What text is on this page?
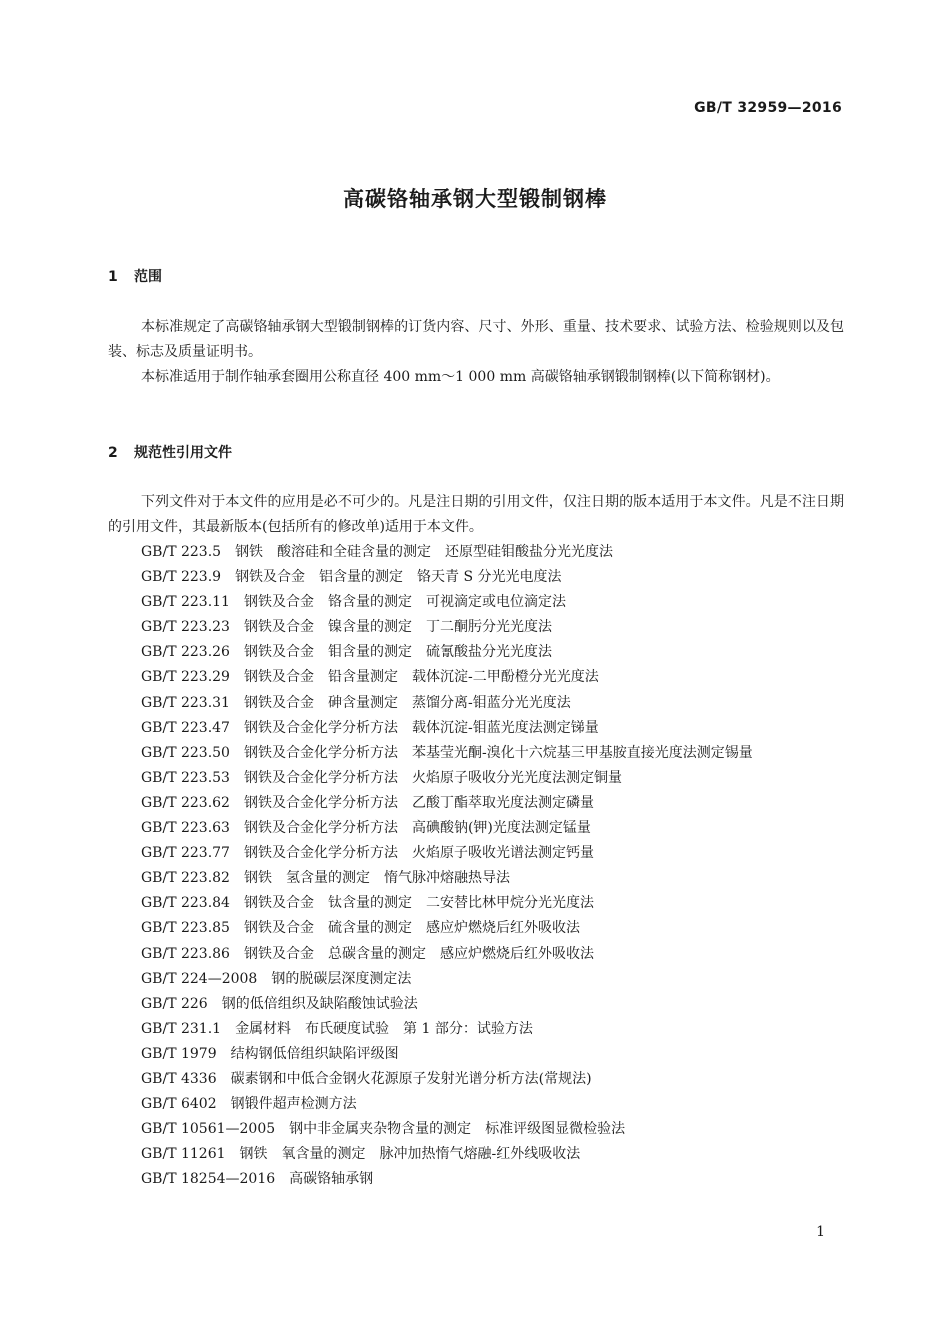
GB/T 32959—2016
高碳铬轴承钢大型锻制钢棒
1 范围

本标准规定了高碳铬轴承钢大型锻制钢棒的订货内容、尺寸、外形、重量、技术要求、试验方法、检验规则以及包装、标志及质量证明书。

本标准适用于制作轴承套圈用公称直径 400 mm～1 000 mm 高碳铬轴承钢锻制钢棒(以下简称钢材)。

2 规范性引用文件

下列文件对于本文件的应用是必不可少的。凡是注日期的引用文件，仅注日期的版本适用于本文件。凡是不注日期的引用文件，其最新版本(包括所有的修改单)适用于本文件。

GB/T 223.5 钢铁　酸溶硅和全硅含量的测定　还原型硅钼酸盐分光光度法
GB/T 223.9 钢铁及合金　铝含量的测定　铬天青 S 分光光电度法
GB/T 223.11 钢铁及合金　铬含量的测定　可视滴定或电位滴定法
GB/T 223.23 钢铁及合金　镍含量的测定　丁二酮肟分光光度法
GB/T 223.26 钢铁及合金　钼含量的测定　硫氰酸盐分光光度法
GB/T 223.29 钢铁及合金　铅含量测定　载体沉淀-二甲酚橙分光光度法
GB/T 223.31 钢铁及合金　砷含量测定　蒸馏分离-钼蓝分光光度法
GB/T 223.47 钢铁及合金化学分析方法　载体沉淀-钼蓝光度法测定锑量
GB/T 223.50 钢铁及合金化学分析方法　苯基莹光酮-溴化十六烷基三甲基胺直接光度法测定锡量
GB/T 223.53 钢铁及合金化学分析方法　火焰原子吸收分光光度法测定铜量
GB/T 223.62 钢铁及合金化学分析方法　乙酸丁酯萃取光度法测定磷量
GB/T 223.63 钢铁及合金化学分析方法　高碘酸钠(钾)光度法测定锰量
GB/T 223.77 钢铁及合金化学分析方法　火焰原子吸收光谱法测定钙量
GB/T 223.82 钢铁　氢含量的测定　惰气脉冲熔融热导法
GB/T 223.84 钢铁及合金　钛含量的测定　二安替比林甲烷分光光度法
GB/T 223.85 钢铁及合金　硫含量的测定　感应炉燃烧后红外吸收法
GB/T 223.86 钢铁及合金　总碳含量的测定　感应炉燃烧后红外吸收法
GB/T 224—2008 钢的脱碳层深度测定法
GB/T 226 钢的低倍组织及缺陷酸蚀试验法
GB/T 231.1 金属材料　布氏硬度试验　第 1 部分：试验方法
GB/T 1979 结构钢低倍组织缺陷评级图
GB/T 4336 碳素钢和中低合金钢火花源原子发射光谱分析方法(常规法)
GB/T 6402 钢锻件超声检测方法
GB/T 10561—2005 钢中非金属夹杂物含量的测定　标准评级图显微检验法
GB/T 11261 钢铁　氧含量的测定　脉冲加热惰气熔融-红外线吸收法
GB/T 18254—2016 高碳铬轴承钢
1
